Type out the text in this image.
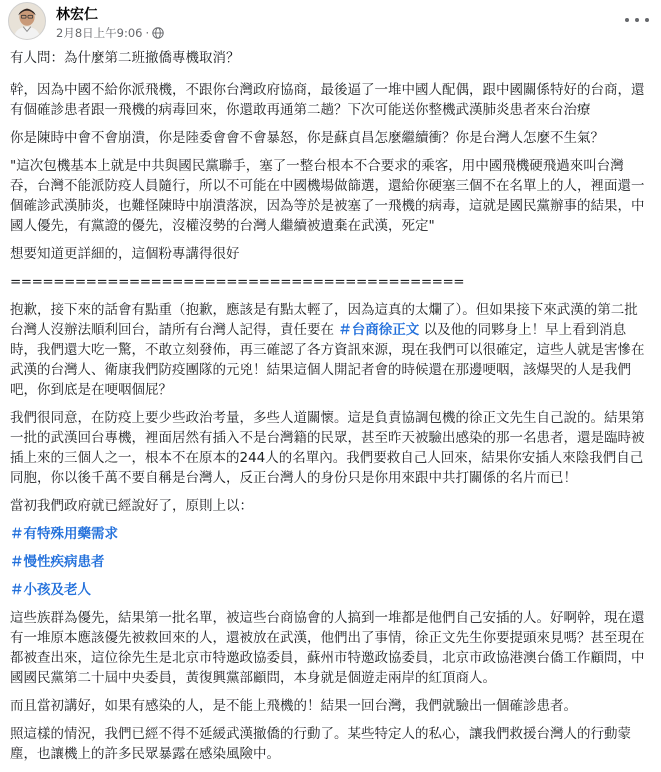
林宏仁
2月8日上午9:06 ·

有人問：為什麼第二班撤僑專機取消？

幹，因為中國不給你派飛機，不跟你台灣政府協商，最後逼了一堆中國人配偶，跟中國關係特好的台商，還有個確診患者跟一飛機的病毒回來，你還敢再通第二趟？下次可能送你整機武漢肺炎患者來台治療

你是陳時中會不會崩潰，你是陸委會會不會暴怒，你是蘇貞昌怎麼繼續衝？你是台灣人怎麼不生氣？

"這次包機基本上就是中共與國民黨聯手，塞了一整台根本不合要求的乘客，用中國飛機硬飛過來叫台灣吞，台灣不能派防疫人員隨行，所以不可能在中國機場做篩選，還給你硬塞三個不在名單上的人，裡面還一個確診武漢肺炎，也難怪陳時中崩潰落淚，因為等於是被塞了一飛機的病毒，這就是國民黨辦事的結果，中國人優先，有黨證的優先，沒權沒勢的台灣人繼續被遺棄在武漢，死定"

想要知道更詳細的，這個粉專講得很好

==========================================

抱歉，接下來的話會有點重（抱歉，應該是有點太輕了，因為這真的太爛了）。但如果接下來武漢的第二批台灣人沒辦法順利回台，請所有台灣人記得，責任要在 ＃台商徐正文 以及他的同夥身上！早上看到消息時，我們還大吃一驚，不敢立刻發佈，再三確認了各方資訊來源，現在我們可以很確定，這些人就是害慘在武漢的台灣人、衛康我們防疫團隊的元兇！結果這個人開記者會的時候還在那邊哽咽，該爆哭的人是我們吧，你到底是在哽咽個屁？

我們很同意，在防疫上要少些政治考量，多些人道關懷。這是負責協調包機的徐正文先生自己說的。結果第一批的武漢回台專機，裡面居然有插入不是台灣籍的民眾，甚至昨天被驗出感染的那一名患者，還是臨時被插上來的三個人之一，根本不在原本的244人的名單內。我們要救自己人回來，結果你安插人來陰我們自己同胞，你以後千萬不要自稱是台灣人，反正台灣人的身份只是你用來跟中共打關係的名片而已！

當初我們政府就已經說好了，原則上以：

＃有特殊用藥需求

＃慢性疾病患者

＃小孩及老人

這些族群為優先，結果第一批名單，被這些台商協會的人搞到一堆都是他們自己安插的人。好啊幹，現在還有一堆原本應該優先被救回來的人，還被放在武漢，他們出了事情，徐正文先生你要提頭來見嗎？甚至現在都被查出來，這位徐先生是北京市特邀政協委員，蘇州市特邀政協委員，北京市政協港澳台僑工作顧問，中國國民黨第二十屆中央委員，黃復興黨部顧問，本身就是個遊走兩岸的紅頂商人。

而且當初講好，如果有感染的人，是不能上飛機的！結果一回台灣，我們就驗出一個確診患者。

照這樣的情況，我們已經不得不延緩武漢撤僑的行動了。某些特定人的私心，讓我們救援台灣人的行動蒙塵，也讓機上的許多民眾暴露在感染風險中。
